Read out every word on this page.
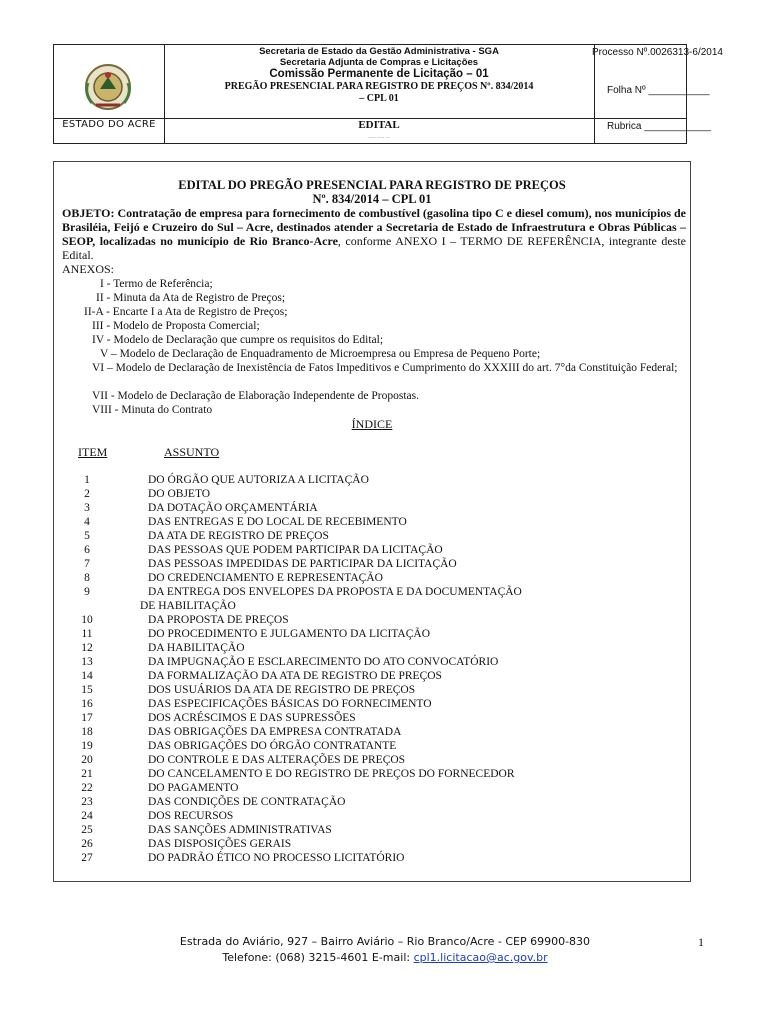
ESTADO DO ACRE
Secretaria de Estado da Gestão Administrativa - SGA
Secretaria Adjunta de Compras e Licitações
Comissão Permanente de Licitação – 01
PREGÃO PRESENCIAL PARA REGISTRO DE PREÇOS Nº. 834/2014
– CPL 01
EDITAL
— — –
Processo Nº.0026313-6/2014
Folha Nº ___________
Rubrica ____________
EDITAL DO PREGÃO PRESENCIAL PARA REGISTRO DE PREÇOS
Nº. 834/2014 – CPL 01
OBJETO: Contratação de empresa para fornecimento de combustível (gasolina tipo C e diesel comum), nos municípios de Brasiléia, Feijó e Cruzeiro do Sul – Acre, destinados atender a Secretaria de Estado de Infraestrutura e Obras Públicas – SEOP, localizadas no município de Rio Branco-Acre, conforme ANEXO I – TERMO DE REFERÊNCIA, integrante deste Edital.
ANEXOS:
I - Termo de Referência;
II - Minuta da Ata de Registro de Preços;
II-A - Encarte I a Ata de Registro de Preços;
III - Modelo de Proposta Comercial;
IV - Modelo de Declaração que cumpre os requisitos do Edital;
V – Modelo de Declaração de Enquadramento de Microempresa ou Empresa de Pequeno Porte;
VI – Modelo de Declaração de Inexistência de Fatos Impeditivos e Cumprimento do XXXIII do art. 7°da Constituição Federal;
VII - Modelo de Declaração de Elaboração Independente de Propostas.
VIII - Minuta do Contrato
ÍNDICE
ITEM	ASSUNTO
1	DO ÓRGÃO QUE AUTORIZA A LICITAÇÃO
2	DO OBJETO
3	DA DOTAÇÃO ORÇAMENTÁRIA
4	DAS ENTREGAS E DO LOCAL DE RECEBIMENTO
5	DA ATA DE REGISTRO DE PREÇOS
6	DAS PESSOAS QUE PODEM PARTICIPAR DA LICITAÇÃO
7	DAS PESSOAS IMPEDIDAS DE PARTICIPAR DA LICITAÇÃO
8	DO CREDENCIAMENTO E REPRESENTAÇÃO
9	DA ENTREGA DOS ENVELOPES DA PROPOSTA E DA DOCUMENTAÇÃO
DE HABILITAÇÃO
10	DA PROPOSTA DE PREÇOS
11	DO PROCEDIMENTO E JULGAMENTO DA LICITAÇÃO
12	DA HABILITAÇÃO
13	DA IMPUGNAÇÃO E ESCLARECIMENTO DO ATO CONVOCATÓRIO
14	DA FORMALIZAÇÃO DA ATA DE REGISTRO DE PREÇOS
15	DOS USUÁRIOS DA ATA DE REGISTRO DE PREÇOS
16	DAS ESPECIFICAÇÕES BÁSICAS DO FORNECIMENTO
17	DOS ACRÉSCIMOS E DAS SUPRESSÕES
18	DAS OBRIGAÇÕES DA EMPRESA CONTRATADA
19	DAS OBRIGAÇÕES DO ÓRGÃO CONTRATANTE
20	DO CONTROLE E DAS ALTERAÇÕES DE PREÇOS
21	DO CANCELAMENTO E DO REGISTRO DE PREÇOS DO FORNECEDOR
22	DO PAGAMENTO
23	DAS CONDIÇÕES DE CONTRATAÇÃO
24	DOS RECURSOS
25	DAS SANÇÕES ADMINISTRATIVAS
26	DAS DISPOSIÇÕES GERAIS
27	DO PADRÃO ÉTICO NO PROCESSO LICITATÓRIO
Estrada do Aviário, 927 – Bairro Aviário – Rio Branco/Acre - CEP 69900-830
Telefone: (068) 3215-4601 E-mail: cpl1.licitacao@ac.gov.br
1
